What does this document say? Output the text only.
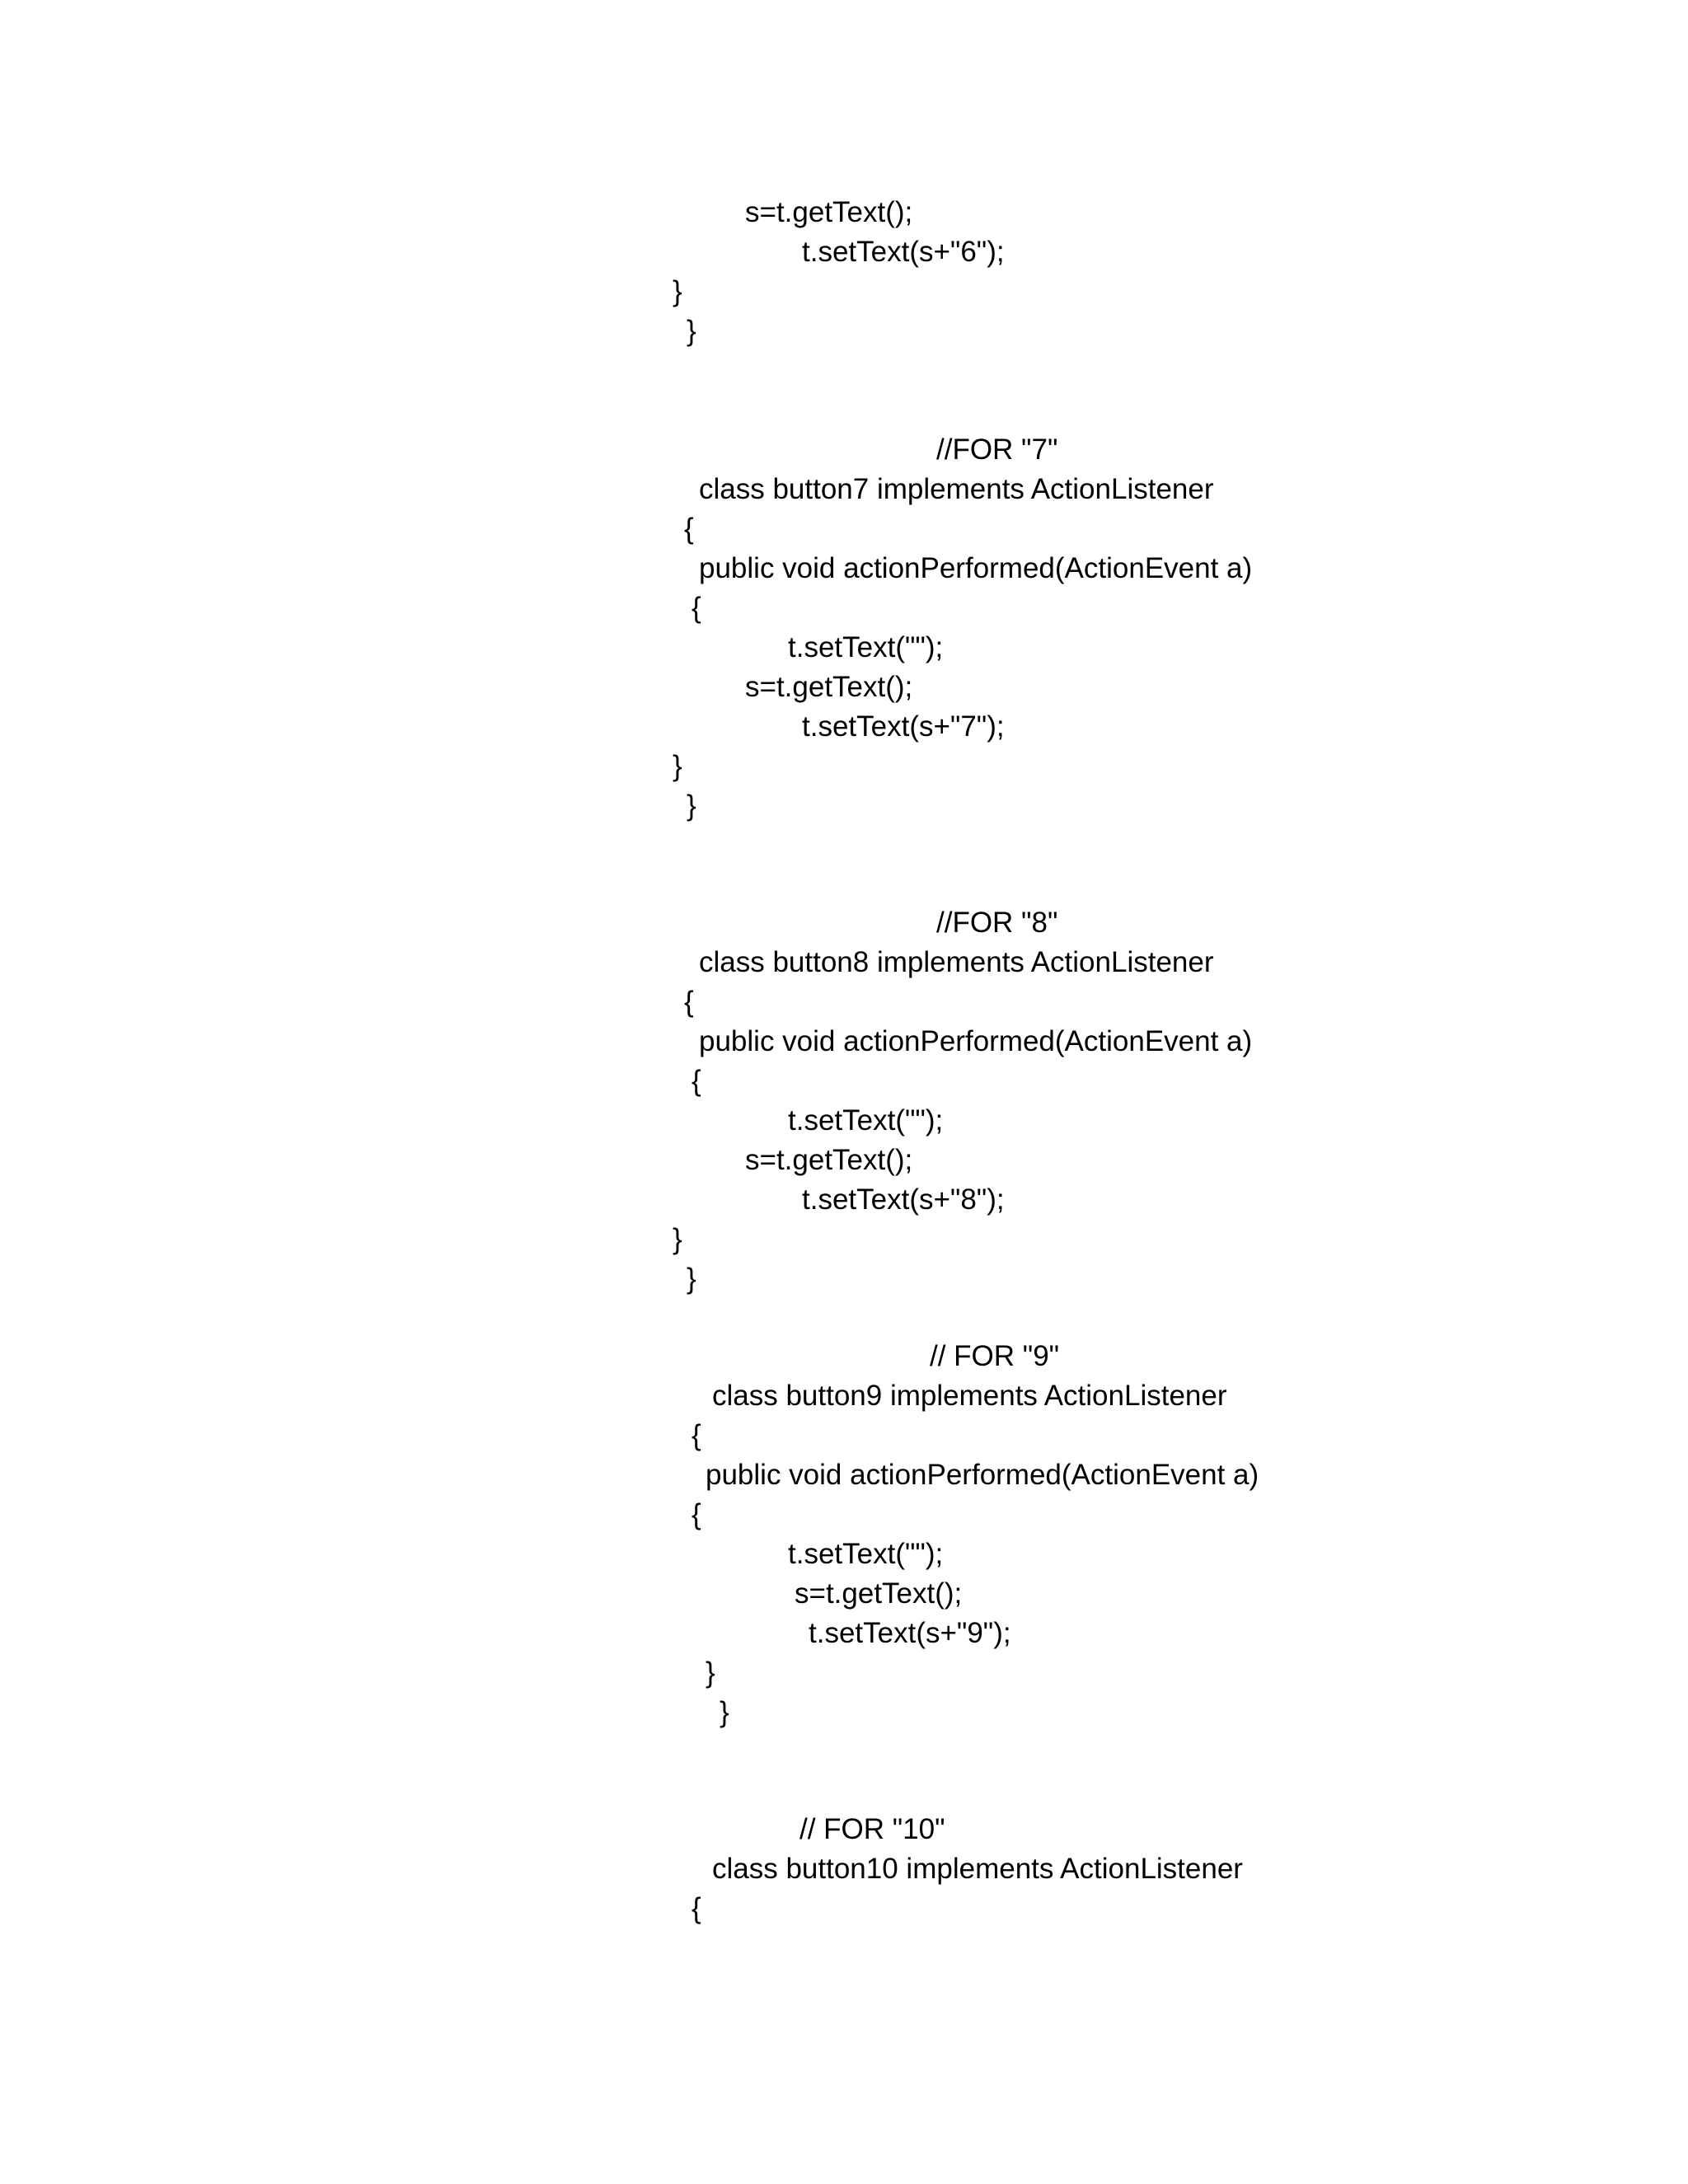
s=t.getText();
t.setText(s+"6");
}
}
//FOR "7"
class button7 implements ActionListener
{
public void actionPerformed(ActionEvent a)
{
t.setText("");
s=t.getText();
t.setText(s+"7");
}
}
//FOR "8"
class button8 implements ActionListener
{
public void actionPerformed(ActionEvent a)
{
t.setText("");
s=t.getText();
t.setText(s+"8");
}
}
// FOR "9"
class button9 implements ActionListener
{
public void actionPerformed(ActionEvent a)
{
t.setText("");
s=t.getText();
t.setText(s+"9");
}
}
// FOR "10"
class button10 implements ActionListener
{
